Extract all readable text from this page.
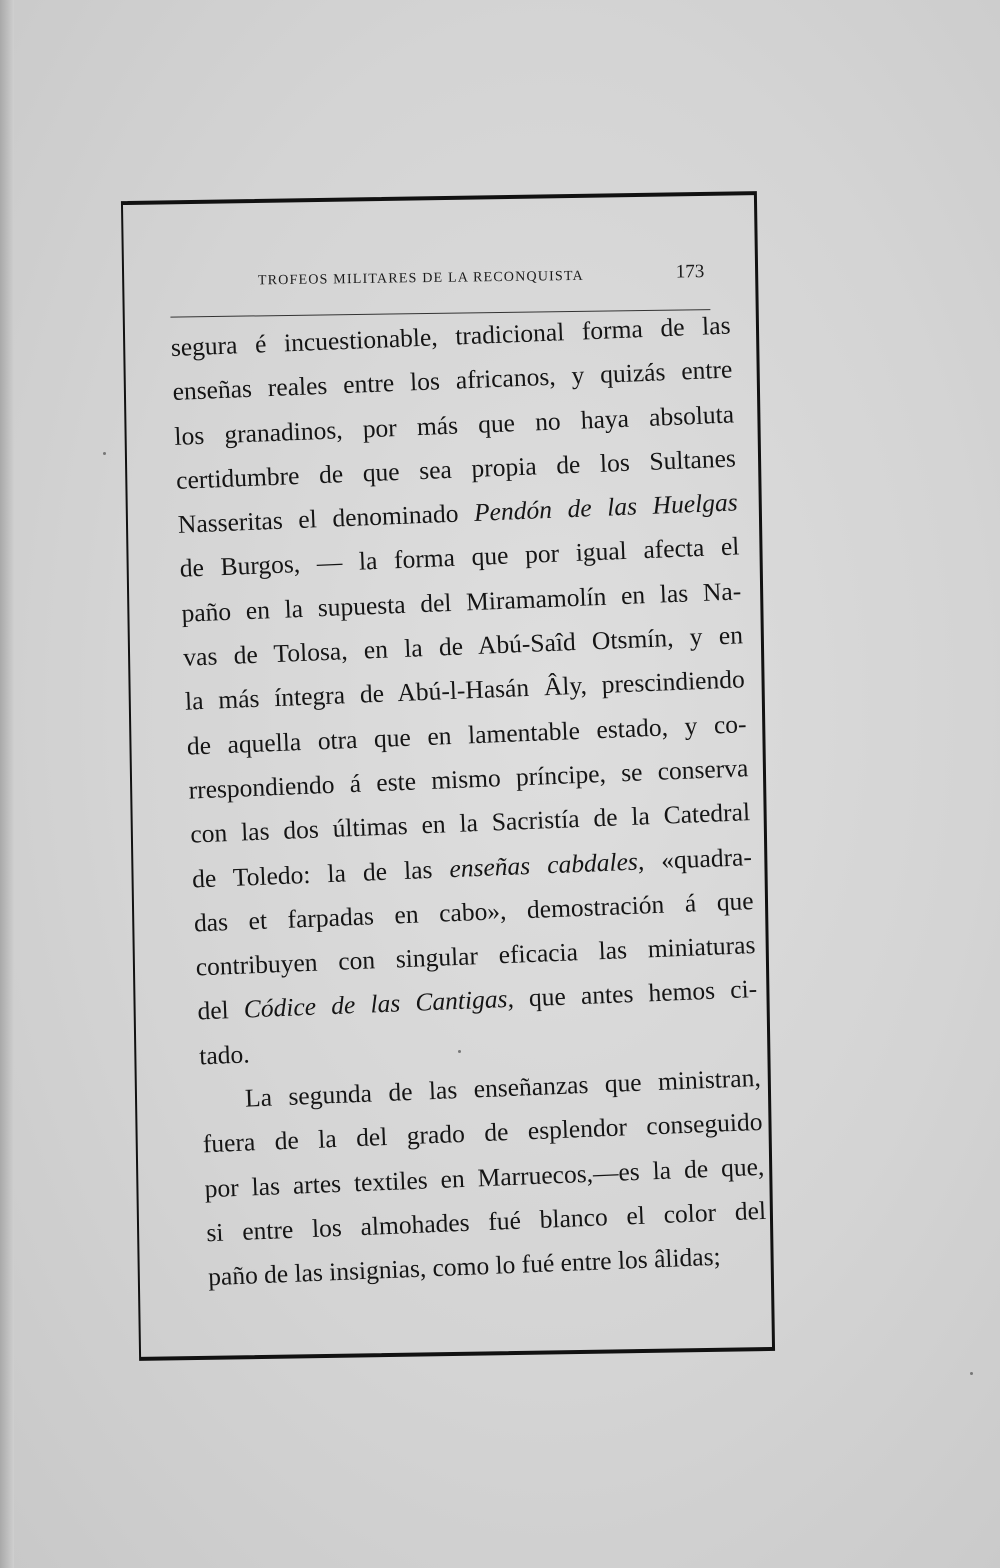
TROFEOS MILITARES DE LA RECONQUISTA	173
segura é incuestionable, tradicional forma de las
enseñas reales entre los africanos, y quizás entre
los granadinos, por más que no haya absoluta
certidumbre de que sea propia de los Sultanes
Nasseritas el denominado Pendón de las Huelgas
de Burgos, — la forma que por igual afecta el
paño en la supuesta del Miramamolín en las Na-
vas de Tolosa, en la de Abú-Saîd Otsmín, y en
la más íntegra de Abú-l-Hasán Âly, prescindiendo
de aquella otra que en lamentable estado, y co-
rrespondiendo á este mismo príncipe, se conserva
con las dos últimas en la Sacristía de la Catedral
de Toledo: la de las enseñas cabdales, «quadra-
das et farpadas en cabo», demostración á que
contribuyen con singular eficacia las miniaturas
del Códice de las Cantigas, que antes hemos ci-
tado.
La segunda de las enseñanzas que ministran,
fuera de la del grado de esplendor conseguido
por las artes textiles en Marruecos,—es la de que,
si entre los almohades fué blanco el color del
paño de las insignias, como lo fué entre los âlidas;
